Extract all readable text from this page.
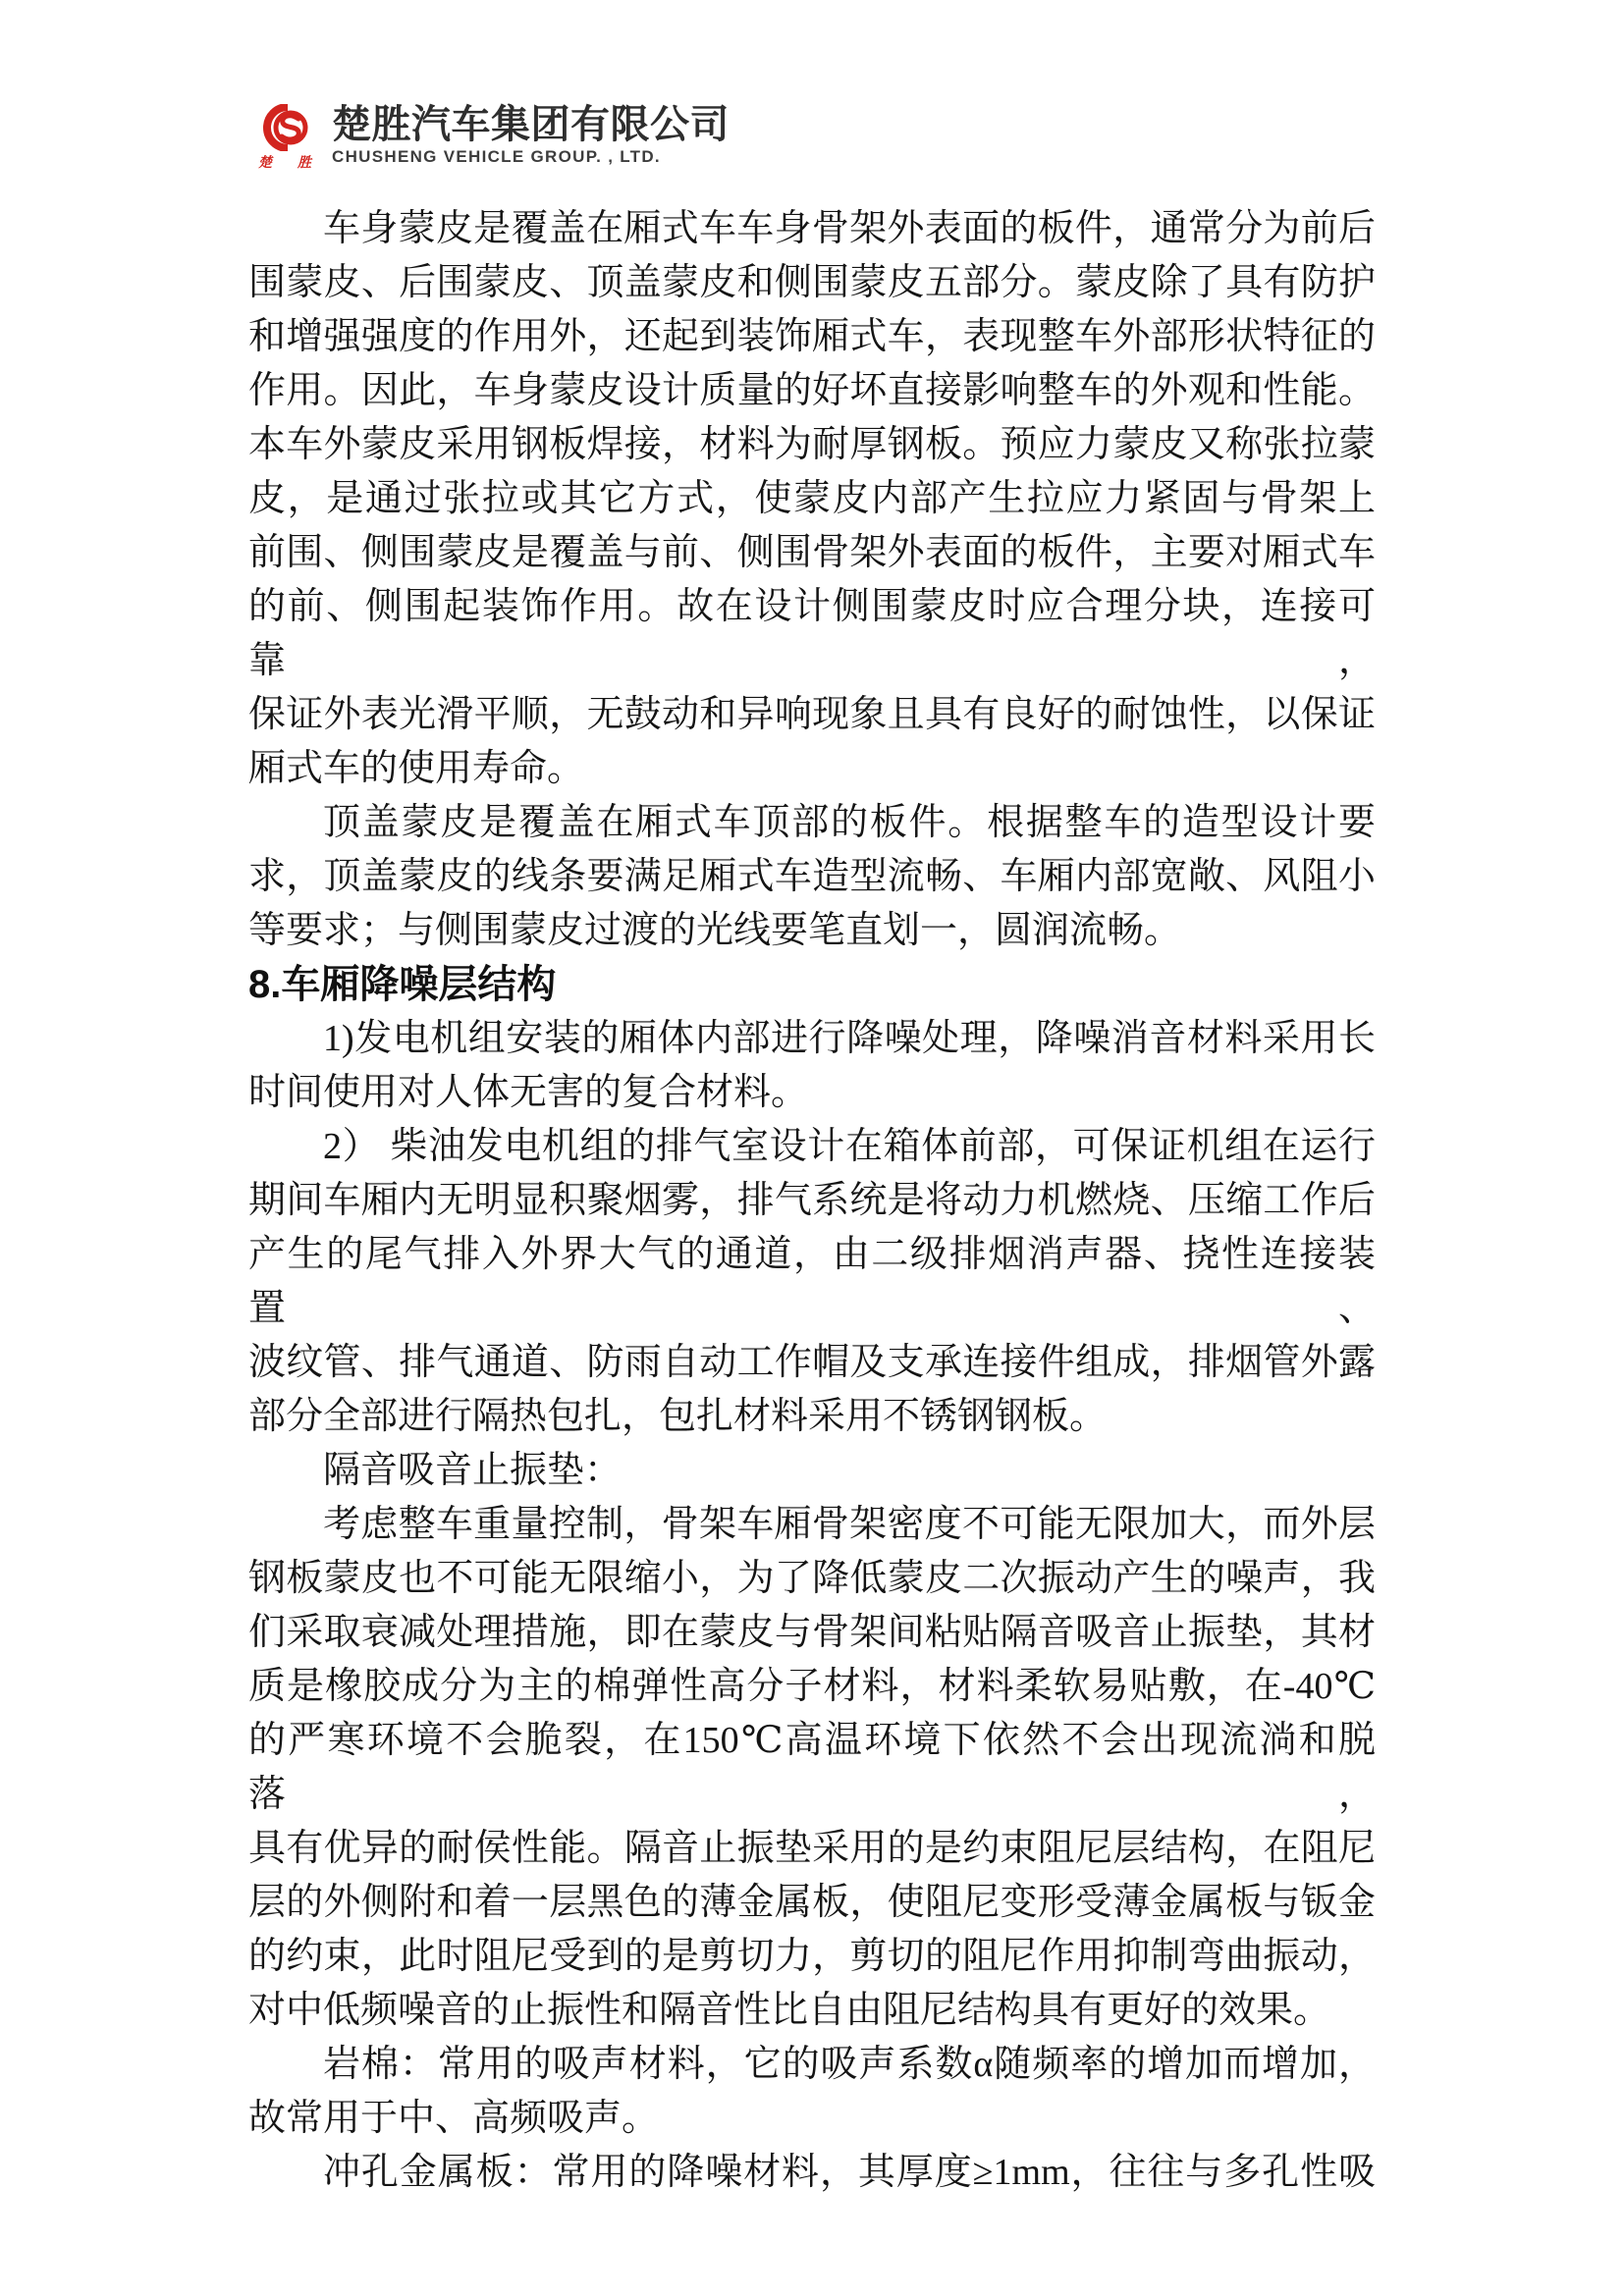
楚 胜
楚胜汽车集团有限公司
CHUSHENG VEHICLE GROUP. , LTD.
车身蒙皮是覆盖在厢式车车身骨架外表面的板件，通常分为前后
围蒙皮、后围蒙皮、顶盖蒙皮和侧围蒙皮五部分。蒙皮除了具有防护
和增强强度的作用外，还起到装饰厢式车，表现整车外部形状特征的
作用。因此，车身蒙皮设计质量的好坏直接影响整车的外观和性能。
本车外蒙皮采用钢板焊接，材料为耐厚钢板。预应力蒙皮又称张拉蒙
皮，是通过张拉或其它方式，使蒙皮内部产生拉应力紧固与骨架上
前围、侧围蒙皮是覆盖与前、侧围骨架外表面的板件，主要对厢式车
的前、侧围起装饰作用。故在设计侧围蒙皮时应合理分块，连接可靠，
保证外表光滑平顺，无鼓动和异响现象且具有良好的耐蚀性，以保证
厢式车的使用寿命。
顶盖蒙皮是覆盖在厢式车顶部的板件。根据整车的造型设计要
求，顶盖蒙皮的线条要满足厢式车造型流畅、车厢内部宽敞、风阻小
等要求；与侧围蒙皮过渡的光线要笔直划一，圆润流畅。
8.车厢降噪层结构
1)发电机组安装的厢体内部进行降噪处理，降噪消音材料采用长
时间使用对人体无害的复合材料。
2） 柴油发电机组的排气室设计在箱体前部，可保证机组在运行
期间车厢内无明显积聚烟雾，排气系统是将动力机燃烧、压缩工作后
产生的尾气排入外界大气的通道，由二级排烟消声器、挠性连接装置、
波纹管、排气通道、防雨自动工作帽及支承连接件组成，排烟管外露
部分全部进行隔热包扎，包扎材料采用不锈钢钢板。
隔音吸音止振垫：
考虑整车重量控制，骨架车厢骨架密度不可能无限加大，而外层
钢板蒙皮也不可能无限缩小，为了降低蒙皮二次振动产生的噪声，我
们采取衰减处理措施，即在蒙皮与骨架间粘贴隔音吸音止振垫，其材
质是橡胶成分为主的棉弹性高分子材料，材料柔软易贴敷，在-40℃
的严寒环境不会脆裂，在150℃高温环境下依然不会出现流淌和脱落，
具有优异的耐侯性能。隔音止振垫采用的是约束阻尼层结构，在阻尼
层的外侧附和着一层黑色的薄金属板，使阻尼变形受薄金属板与钣金
的约束，此时阻尼受到的是剪切力，剪切的阻尼作用抑制弯曲振动，
对中低频噪音的止振性和隔音性比自由阻尼结构具有更好的效果。
岩棉：常用的吸声材料，它的吸声系数α随频率的增加而增加，
故常用于中、高频吸声。
冲孔金属板：常用的降噪材料，其厚度≥1mm，往往与多孔性吸
